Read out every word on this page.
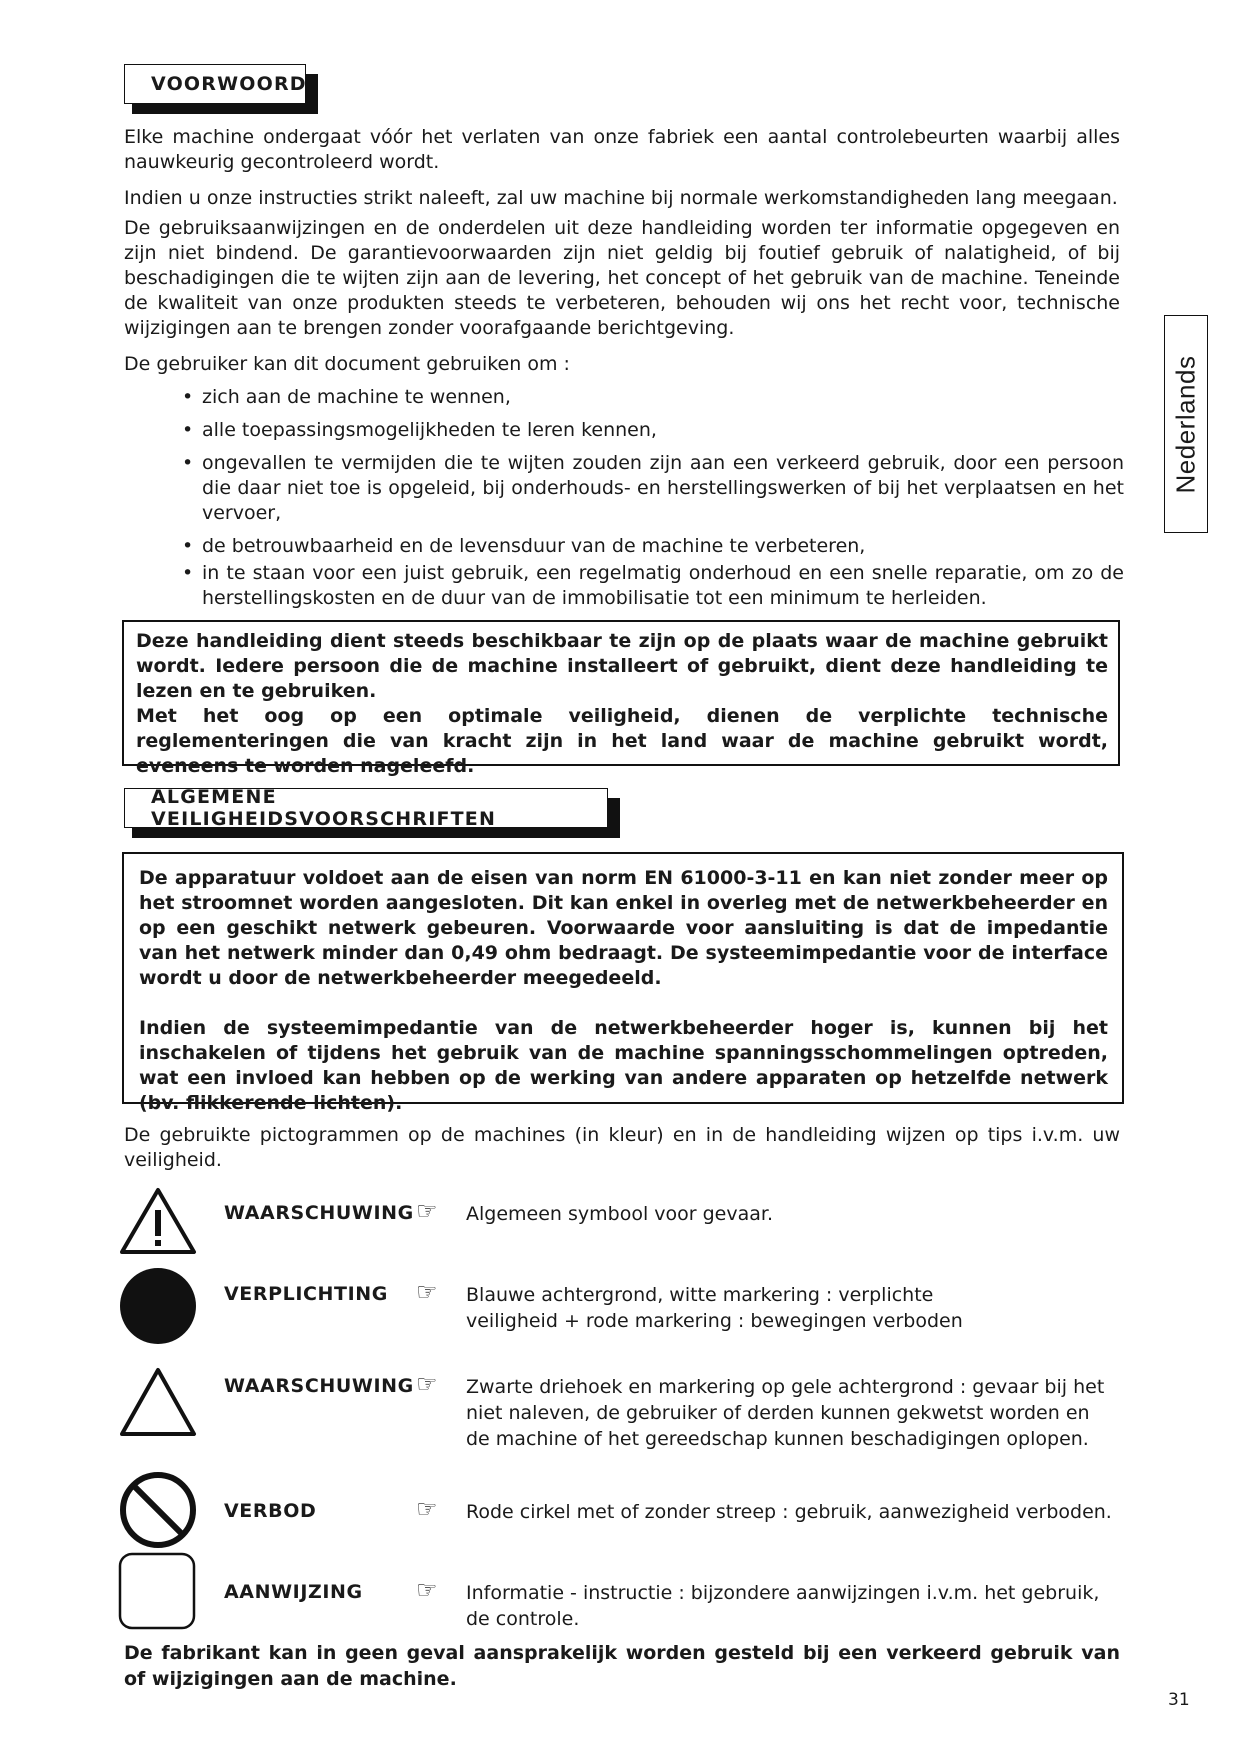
VOORWOORD
Nederlands

Elke machine ondergaat vóór het verlaten van onze fabriek een aantal controlebeurten waarbij alles nauwkeurig gecontroleerd wordt.

Indien u onze instructies strikt naleeft, zal uw machine bij normale werkomstandigheden lang meegaan.

De gebruiksaanwijzingen en de onderdelen uit deze handleiding worden ter informatie opgegeven en zijn niet bindend. De garantievoorwaarden zijn niet geldig bij foutief gebruik of nalatigheid, of bij beschadigingen die te wijten zijn aan de levering, het concept of het gebruik van de machine. Teneinde de kwaliteit van onze produkten steeds te verbeteren, behouden wij ons het recht voor, technische wijzigingen aan te brengen zonder voorafgaande berichtgeving.

De gebruiker kan dit document gebruiken om :

• zich aan de machine te wennen,
• alle toepassingsmogelijkheden te leren kennen,
• ongevallen te vermijden die te wijten zouden zijn aan een verkeerd gebruik, door een persoon die daar niet toe is opgeleid, bij onderhouds- en herstellingswerken of bij het verplaatsen en het vervoer,
• de betrouwbaarheid en de levensduur van de machine te verbeteren,
• in te staan voor een juist gebruik, een regelmatig onderhoud en een snelle reparatie, om zo de herstellingskosten en de duur van de immobilisatie tot een minimum te herleiden.

Deze handleiding dient steeds beschikbaar te zijn op de plaats waar de machine gebruikt wordt. Iedere persoon die de machine installeert of gebruikt, dient deze handleiding te lezen en te gebruiken.

Met het oog op een optimale veiligheid, dienen de verplichte technische reglementeringen die van kracht zijn in het land waar de machine gebruikt wordt, eveneens te worden nageleefd.

ALGEMENE VEILIGHEIDSVOORSCHRIFTEN

De apparatuur voldoet aan de eisen van norm EN 61000-3-11 en kan niet zonder meer op het stroomnet worden aangesloten. Dit kan enkel in overleg met de netwerkbeheerder en op een geschikt netwerk gebeuren. Voorwaarde voor aansluiting is dat de impedantie van het netwerk minder dan 0,49 ohm bedraagt. De systeemimpedantie voor de interface wordt u door de netwerkbeheerder meegedeeld.

Indien de systeemimpedantie van de netwerkbeheerder hoger is, kunnen bij het inschakelen of tijdens het gebruik van de machine spanningsschommelingen optreden, wat een invloed kan hebben op de werking van andere apparaten op hetzelfde netwerk (bv. flikkerende lichten).

De gebruikte pictogrammen op de machines (in kleur) en in de handleiding wijzen op tips i.v.m. uw veiligheid.

WAARSCHUWING ☞ Algemeen symbool voor gevaar.
VERPLICHTING ☞ Blauwe achtergrond, witte markering : verplichte veiligheid + rode markering : bewegingen verboden
WAARSCHUWING ☞ Zwarte driehoek en markering op gele achtergrond : gevaar bij het niet naleven, de gebruiker of derden kunnen gekwetst worden en de machine of het gereedschap kunnen beschadigingen oplopen.
VERBOD	☞ Rode cirkel met of zonder streep : gebruik, aanwezigheid verboden.
AANWIJZING ☞ Informatie - instructie : bijzondere aanwijzingen i.v.m. het gebruik, de controle.
De fabrikant kan in geen geval aansprakelijk worden gesteld bij een verkeerd gebruik van of wijzigingen aan de machine.
31
